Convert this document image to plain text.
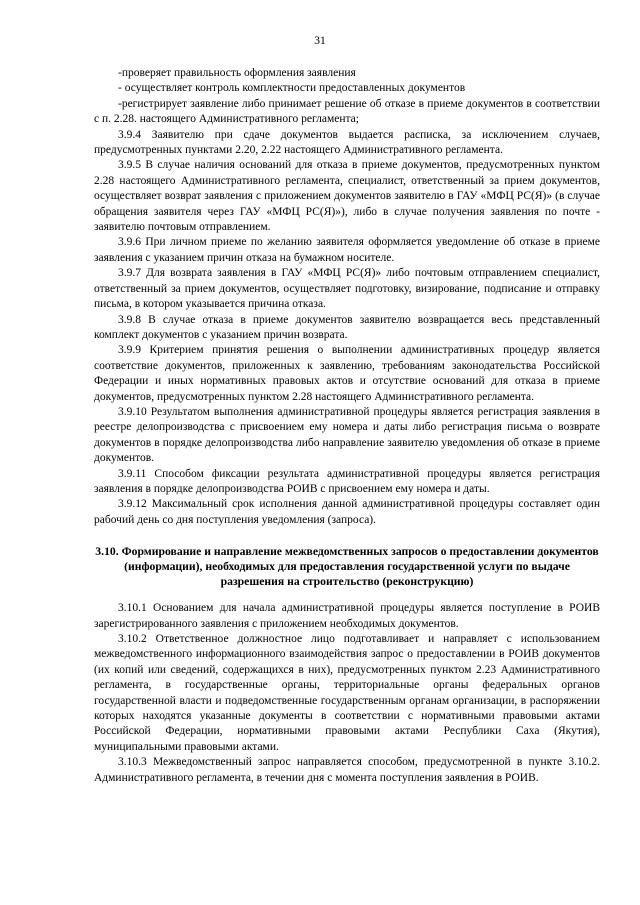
31

-проверяет правильность оформления заявления

- осуществляет контроль комплектности предоставленных документов

-регистрирует заявление либо принимает решение об отказе в приеме документов в соответствии с п. 2.28. настоящего Административного регламента;

3.9.4 Заявителю при сдаче документов выдается расписка, за исключением случаев, предусмотренных пунктами 2.20, 2.22 настоящего Административного регламента.

3.9.5 В случае наличия оснований для отказа в приеме документов, предусмотренных пунктом 2.28 настоящего Административного регламента, специалист, ответственный за прием документов, осуществляет возврат заявления с приложением документов заявителю в ГАУ «МФЦ РС(Я)» (в случае обращения заявителя через ГАУ «МФЦ РС(Я)»), либо в случае получения заявления по почте - заявителю почтовым отправлением.

3.9.6 При личном приеме по желанию заявителя оформляется уведомление об отказе в приеме заявления с указанием причин отказа на бумажном носителе.

3.9.7 Для возврата заявления в ГАУ «МФЦ РС(Я)» либо почтовым отправлением специалист, ответственный за прием документов, осуществляет подготовку, визирование, подписание и отправку письма, в котором указывается причина отказа.

3.9.8 В случае отказа в приеме документов заявителю возвращается весь представленный комплект документов с указанием причин возврата.

3.9.9 Критерием принятия решения о выполнении административных процедур является соответствие документов, приложенных к заявлению, требованиям законодательства Российской Федерации и иных нормативных правовых актов и отсутствие оснований для отказа в приеме документов, предусмотренных пунктом 2.28 настоящего Административного регламента.

3.9.10 Результатом выполнения административной процедуры является регистрация заявления в реестре делопроизводства с присвоением ему номера и даты либо регистрация письма о возврате документов в порядке делопроизводства либо направление заявителю уведомления об отказе в приеме документов.

3.9.11 Способом фиксации результата административной процедуры является регистрация заявления в порядке делопроизводства РОИВ с присвоением ему номера и даты.

3.9.12 Максимальный срок исполнения данной административной процедуры составляет один рабочий день со дня поступления уведомления (запроса).

3.10. Формирование и направление межведомственных запросов о предоставлении документов (информации), необходимых для предоставления государственной услуги по выдаче разрешения на строительство (реконструкцию)

3.10.1 Основанием для начала административной процедуры является поступление в РОИВ зарегистрированного заявления с приложением необходимых документов.

3.10.2 Ответственное должностное лицо подготавливает и направляет с использованием межведомственного информационного взаимодействия запрос о предоставлении в РОИВ документов (их копий или сведений, содержащихся в них), предусмотренных пунктом 2.23 Административного регламента, в государственные органы, территориальные органы федеральных органов государственной власти и подведомственные государственным органам организации, в распоряжении которых находятся указанные документы в соответствии с нормативными правовыми актами Российской Федерации, нормативными правовыми актами Республики Саха (Якутия), муниципальными правовыми актами.

3.10.3 Межведомственный запрос направляется способом, предусмотренной в пункте 3.10.2. Административного регламента, в течении дня с момента поступления заявления в РОИВ.
